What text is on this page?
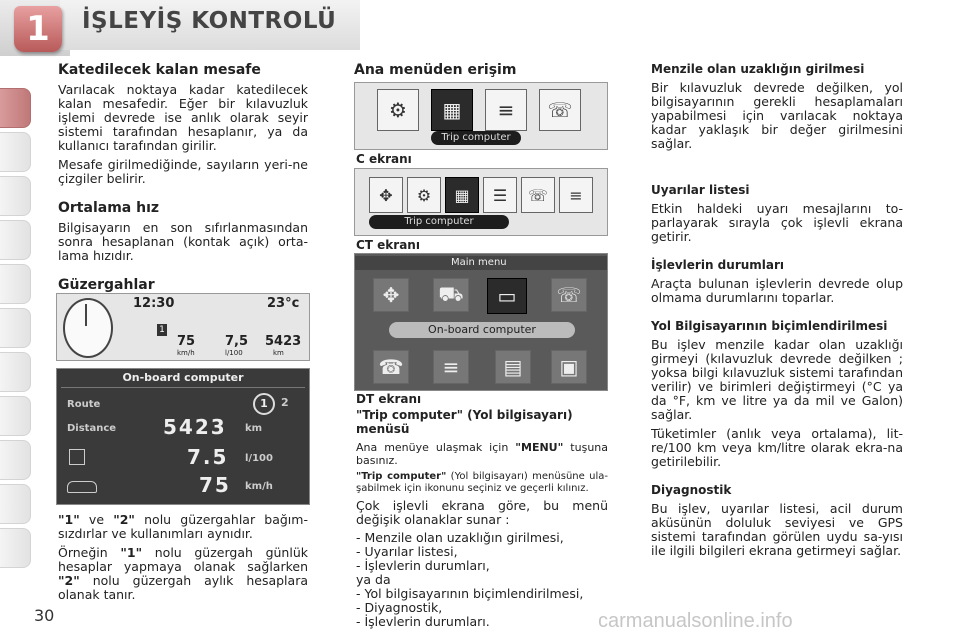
1	İŞLEYİŞ KONTROLÜ
Katedilecek kalan mesafe

Varılacak noktaya kadar katedilecek kalan mesafedir. Eğer bir kılavuzluk işlemi devrede ise anlık olarak seyir sistemi tarafından hesaplanır, ya da kullanıcı tarafından girilir.

Mesafe girilmediğinde, sayıların yeri-ne çizgiler belirir.

Ortalama hız

Bilgisayarın en son sıfırlanmasından sonra hesaplanan (kontak açık) orta-lama hızıdır.

Güzergahlar
12:30	23°c
1
75
km/h
7,5
l/100
5423
km
On-board computer
Route	1	2
Distance 5423 km
7.5 l/100
75 km/h

"1" ve "2" nolu güzergahlar bağım-sızdırlar ve kullanımları aynıdır.

Örneğin "1" nolu güzergah günlük hesaplar yapmaya olanak sağlarken "2" nolu güzergah aylık hesaplara olanak tanır.

Ana menüden erişim
⚙	▦	≡	☏
Trip computer
C ekranı
✥	⚙	▦	☰	☏	≡
Trip computer
CT ekranı
Main menu
✥	⛟	▭	☏
On-board computer
☎	≡	▤	▣
DT ekranı
"Trip computer" (Yol bilgisayarı) menüsü

Ana menüye ulaşmak için "MENU" tuşuna basınız.

"Trip computer" (Yol bilgisayarı) menüsüne ula-şabilmek için ikonunu seçiniz ve geçerli kılınız.

Çok işlevli ekrana göre, bu menü değişik olanaklar sunar :

- Menzile olan uzaklığın girilmesi,
- Uyarılar listesi,
- İşlevlerin durumları,
ya da
- Yol bilgisayarının biçimlendirilmesi,
- Diyagnostik,
- İşlevlerin durumları.
Menzile olan uzaklığın girilmesi

Bir kılavuzluk devrede değilken, yol bilgisayarının gerekli hesaplamaları yapabilmesi için varılacak noktaya kadar yaklaşık bir değer girilmesini sağlar.

Uyarılar listesi

Etkin haldeki uyarı mesajlarını to-parlayarak sırayla çok işlevli ekrana getirir.

İşlevlerin durumları

Araçta bulunan işlevlerin devrede olup olmama durumlarını toparlar.

Yol Bilgisayarının biçimlendirilmesi

Bu işlev menzile kadar olan uzaklığı girmeyi (kılavuzluk devrede değilken ; yoksa bilgi kılavuzluk sistemi tarafından verilir) ve birimleri değiştirmeyi (°C ya da °F, km ve litre ya da mil ve Galon) sağlar.

Tüketimler (anlık veya ortalama), lit-re/100 km veya km/litre olarak ekra-na getirilebilir.

Diyagnostik

Bu işlev, uyarılar listesi, acil durum aküsünün doluluk seviyesi ve GPS sistemi tarafından görülen uydu sa-yısı ile ilgili bilgileri ekrana getirmeyi sağlar.

30	carmanualsonline.info
